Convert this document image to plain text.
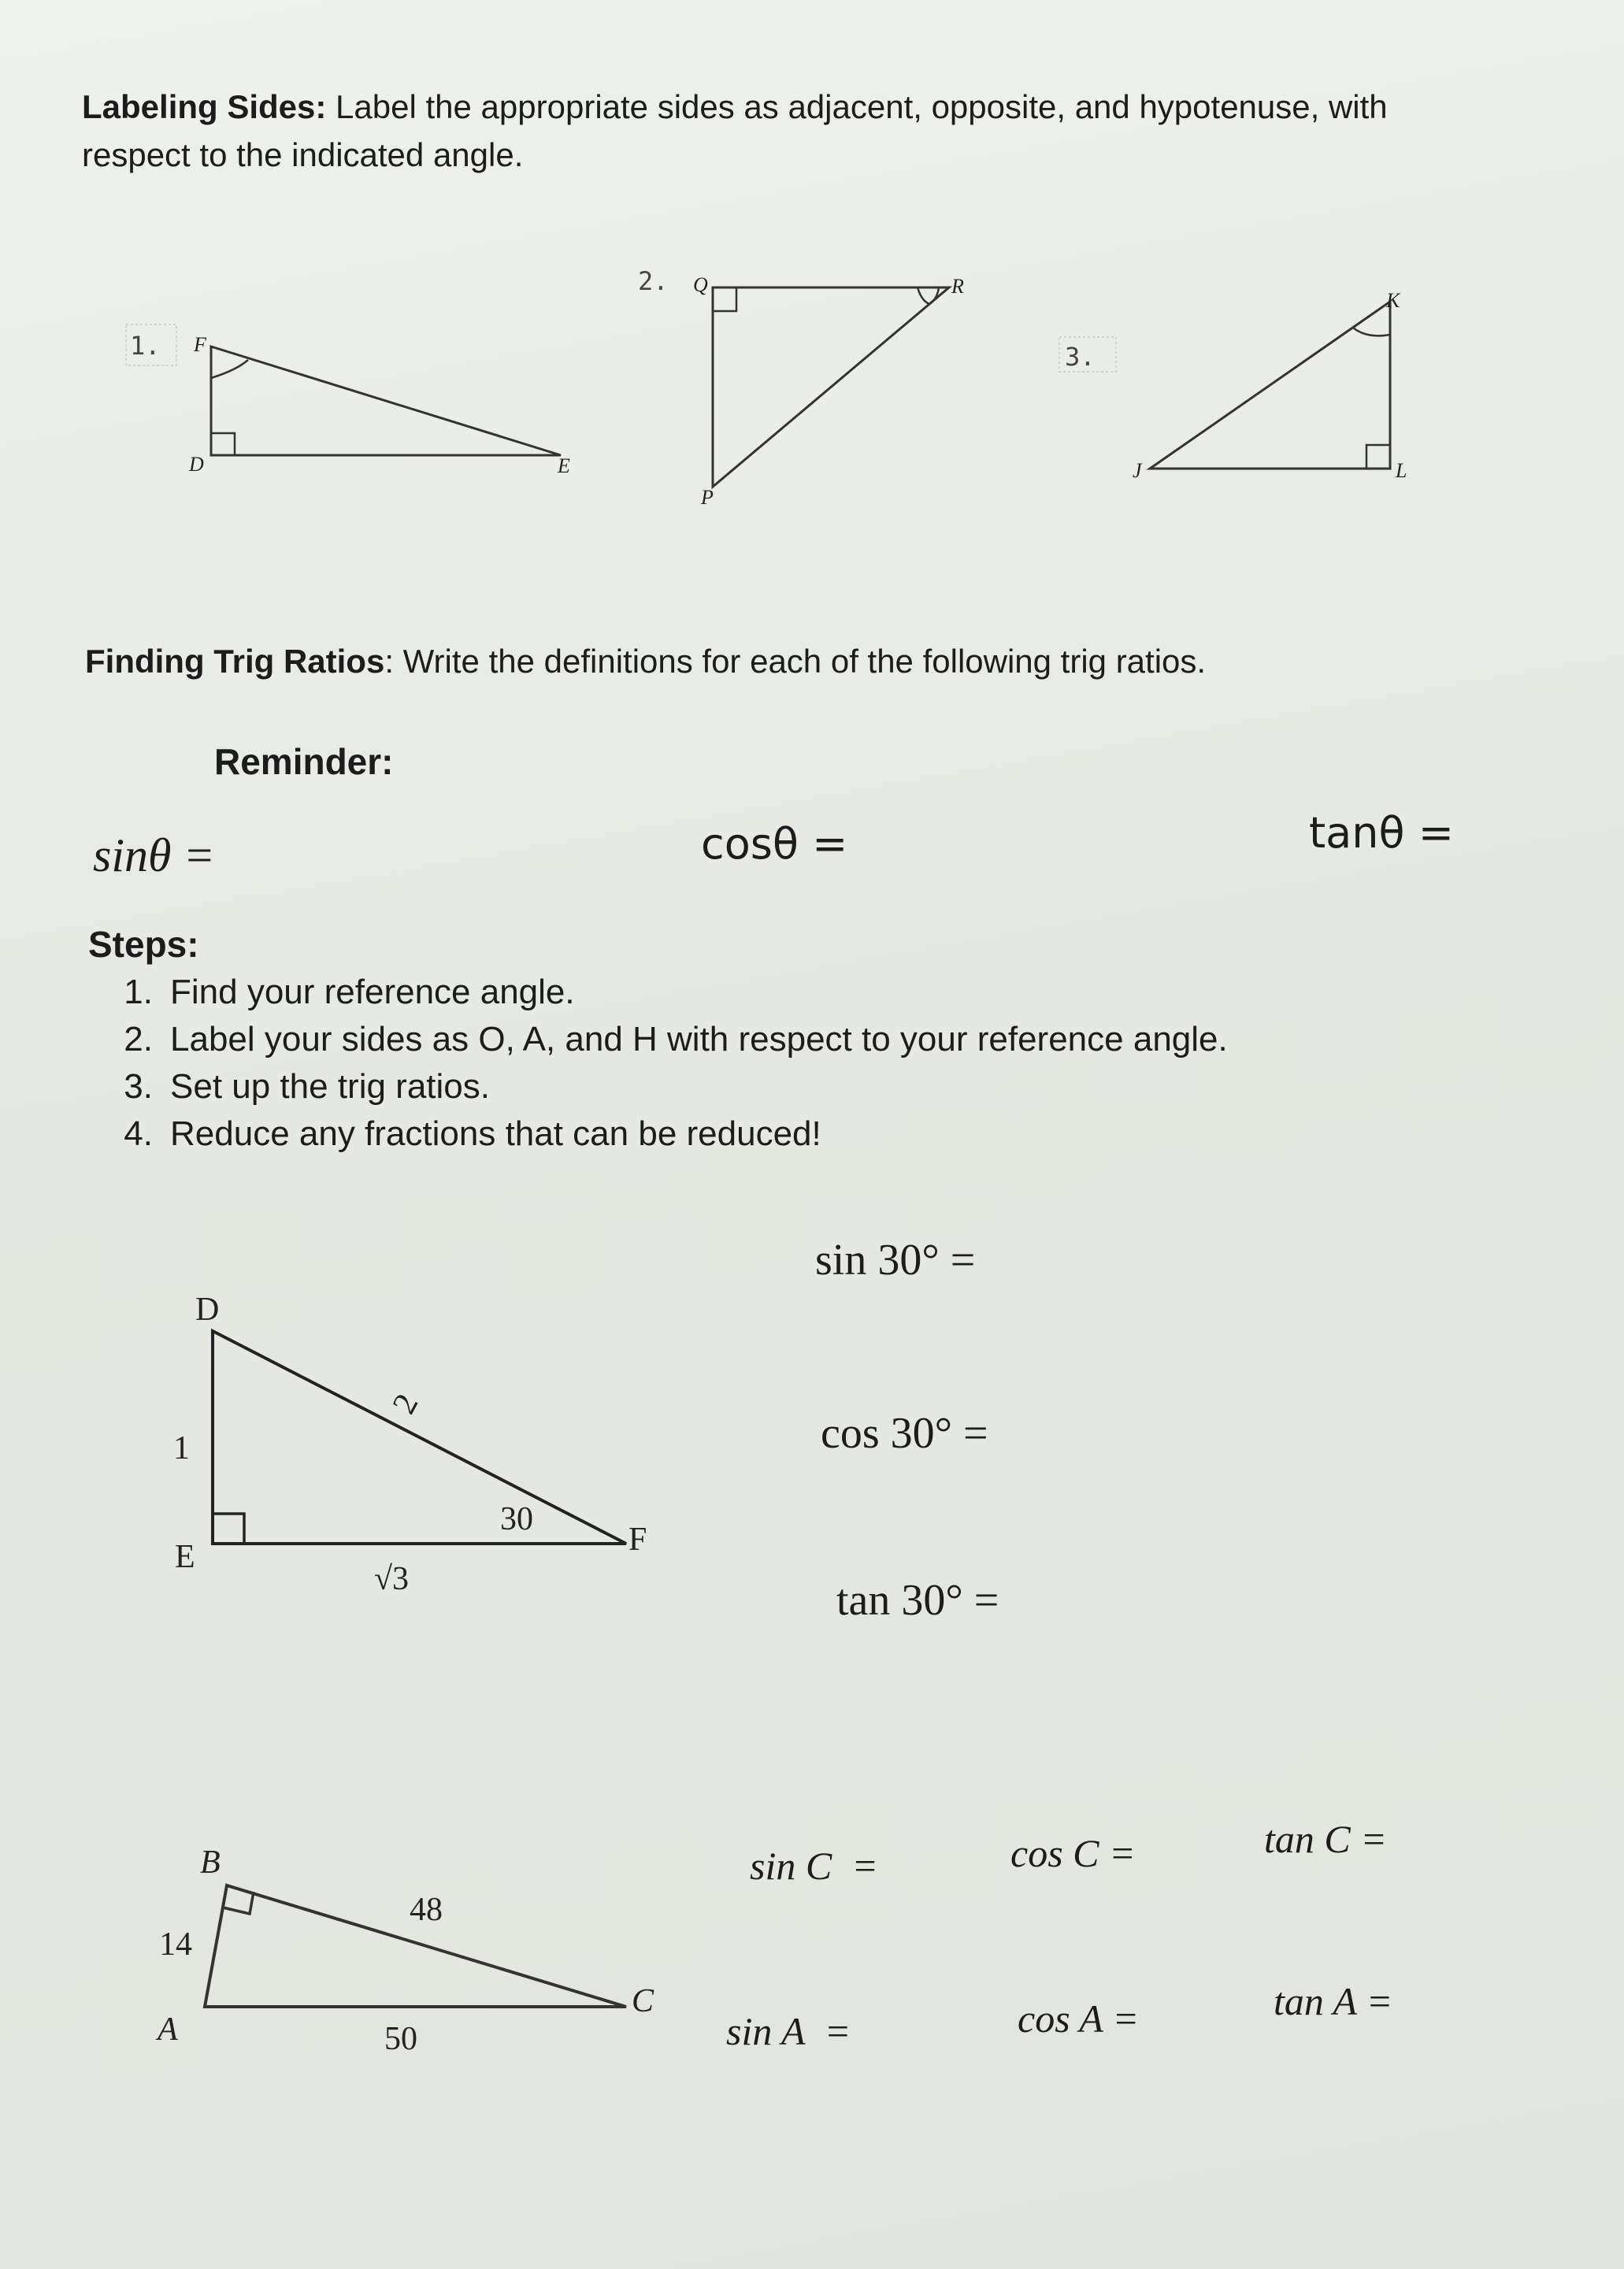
Labeling Sides: Label the appropriate sides as adjacent, opposite, and hypotenuse, with
respect to the indicated angle.
1. F
D	E
2. Q	R
P
3.
K
J	L
Finding Trig Ratios: Write the definitions for each of the following trig ratios.
Reminder:
sinθ =	cosθ =	tanθ =
Steps:
1. Find your reference angle.
2. Label your sides as O, A, and H with respect to your reference angle.
3. Set up the trig ratios.
4. Reduce any fractions that can be reduced!
D
E	F
1
2
√3
30
sin 30° =
cos 30° =
tan 30° =
B
A
C
14
48
50
sin C  =	cos C =	tan C =
sin A  =	cos A =	tan A =
